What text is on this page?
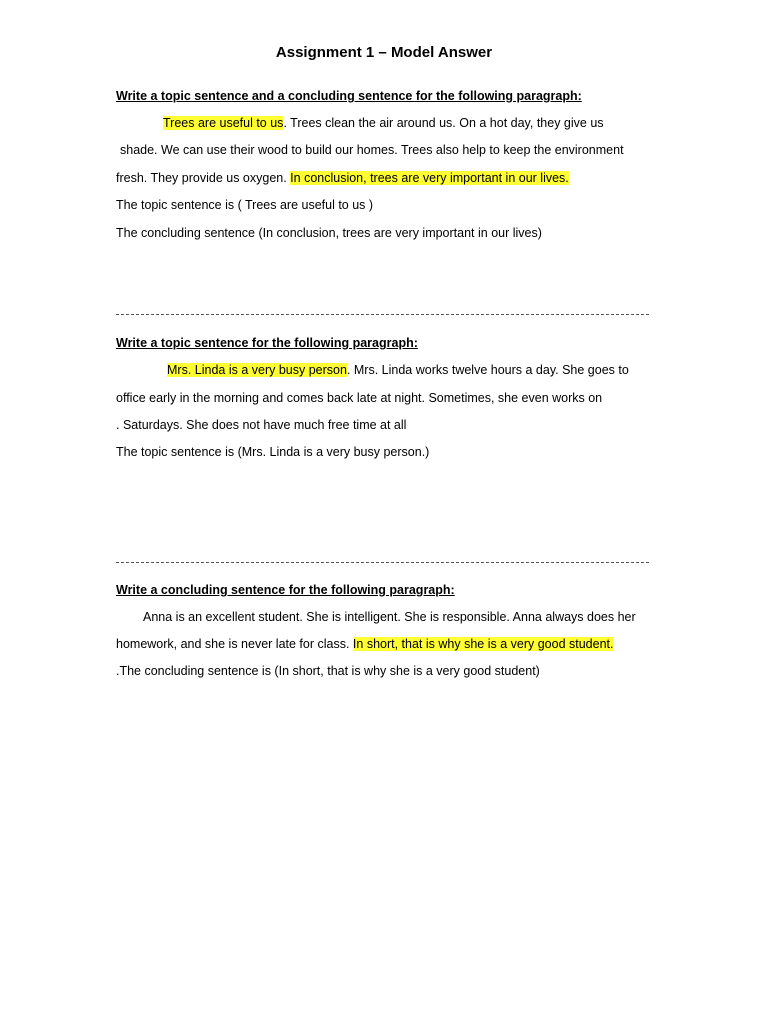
Assignment 1 – Model Answer
Write a topic sentence and a concluding sentence for the following paragraph:
Trees are useful to us. Trees clean the air around us. On a hot day, they give us
shade. We can use their wood to build our homes. Trees also help to keep the environment
fresh. They provide us oxygen. In conclusion, trees are very important in our lives.
The topic sentence is ( Trees are useful to us )
The concluding sentence (In conclusion, trees are very important in our lives)
Write a topic sentence for the following paragraph:
Mrs. Linda is a very busy person. Mrs. Linda works twelve hours a day. She goes to
office early in the morning and comes back late at night. Sometimes, she even works on
. Saturdays. She does not have much free time at all
The topic sentence is (Mrs. Linda is a very busy person.)
Write a concluding sentence for the following paragraph:
Anna is an excellent student. She is intelligent. She is responsible. Anna always does her
homework, and she is never late for class. In short, that is why she is a very good student.
.The concluding sentence is (In short, that is why she is a very good student)
